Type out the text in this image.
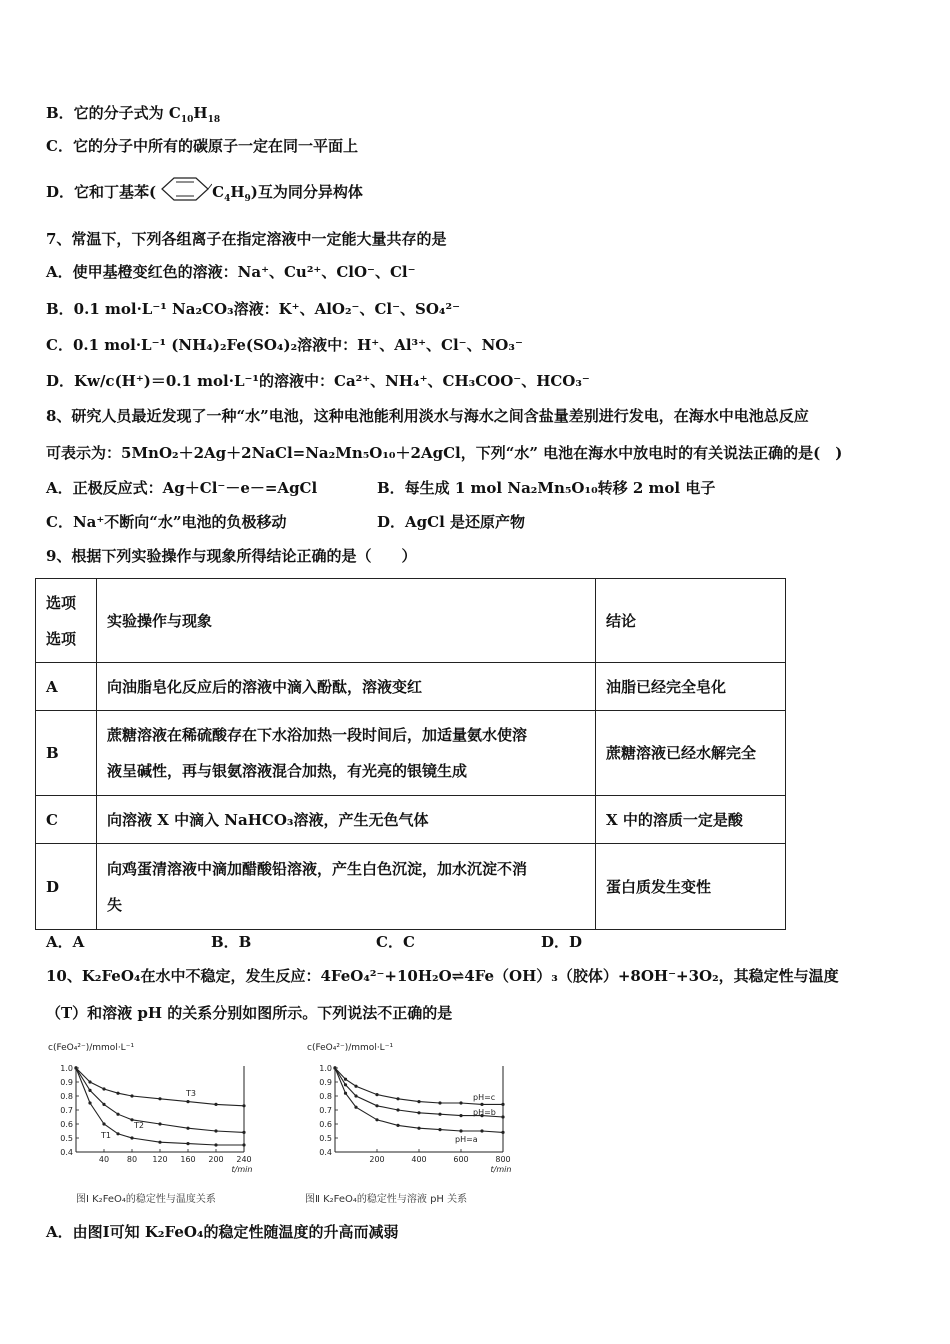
B．它的分子式为 $C_{10}H_{18}$
C．它的分子中所有的碳原子一定在同一平面上
D．它和丁基苯(	$C_4H_9$)互为同分异构体
7、常温下，下列各组离子在指定溶液中一定能大量共存的是
A．使甲基橙变红色的溶液：Na⁺、Cu²⁺、ClO⁻、Cl⁻
B．0.1 mol·L⁻¹ Na₂CO₃溶液：K⁺、AlO₂⁻、Cl⁻、SO₄²⁻
C．0.1 mol·L⁻¹ (NH₄)₂Fe(SO₄)₂溶液中：H⁺、Al³⁺、Cl⁻、NO₃⁻
D．Kw/c(H⁺)＝0.1 mol·L⁻¹的溶液中：Ca²⁺、NH₄⁺、CH₃COO⁻、HCO₃⁻
8、研究人员最近发现了一种“水”电池，这种电池能利用淡水与海水之间含盐量差别进行发电，在海水中电池总反应
可表示为：5MnO₂＋2Ag＋2NaCl=Na₂Mn₅O₁₀＋2AgCl，下列“水” 电池在海水中放电时的有关说法正确的是(　)
A．正极反应式：Ag＋Cl⁻－e－=AgCl	B．每生成 1 mol Na₂Mn₅O₁₀转移 2 mol 电子
C．Na⁺不断向“水”电池的负极移动	D．AgCl 是还原产物
9、根据下列实验操作与现象所得结论正确的是（　　）
选项
选项	实验操作与现象	结论
A	向油脂皂化反应后的溶液中滴入酚酞，溶液变红	油脂已经完全皂化
B	蔗糖溶液在稀硫酸存在下水浴加热一段时间后，加适量氨水使溶
液呈碱性，再与银氨溶液混合加热，有光亮的银镜生成	蔗糖溶液已经水解完全
C	向溶液 X 中滴入 NaHCO₃溶液，产生无色气体	X 中的溶质一定是酸
D	向鸡蛋清溶液中滴加醋酸铅溶液，产生白色沉淀，加水沉淀不消
失	蛋白质发生变性
A．A	B．B	C．C	D．D
10、K₂FeO₄在水中不稳定，发生反应：4FeO₄²⁻+10H₂O⇌4Fe（OH）₃（胶体）+8OH⁻+3O₂，其稳定性与温度
（T）和溶液 pH 的关系分别如图所示。下列说法不正确的是
c(FeO₄²⁻)/mmol·L⁻¹
0.4
0.5
0.6
0.7
0.8
0.9
1.0
40 80 120 160 200 240
t/min
T3
T2
T1
图Ⅰ K₂FeO₄的稳定性与温度关系
c(FeO₄²⁻)/mmol·L⁻¹
0.4
0.5
0.6
0.7
0.8
0.9
1.0
200	400	600	800
t/min
pH=c
pH=b
pH=a
图Ⅱ K₂FeO₄的稳定性与溶液 pH 关系
A．由图Ⅰ可知 K₂FeO₄的稳定性随温度的升高而减弱
